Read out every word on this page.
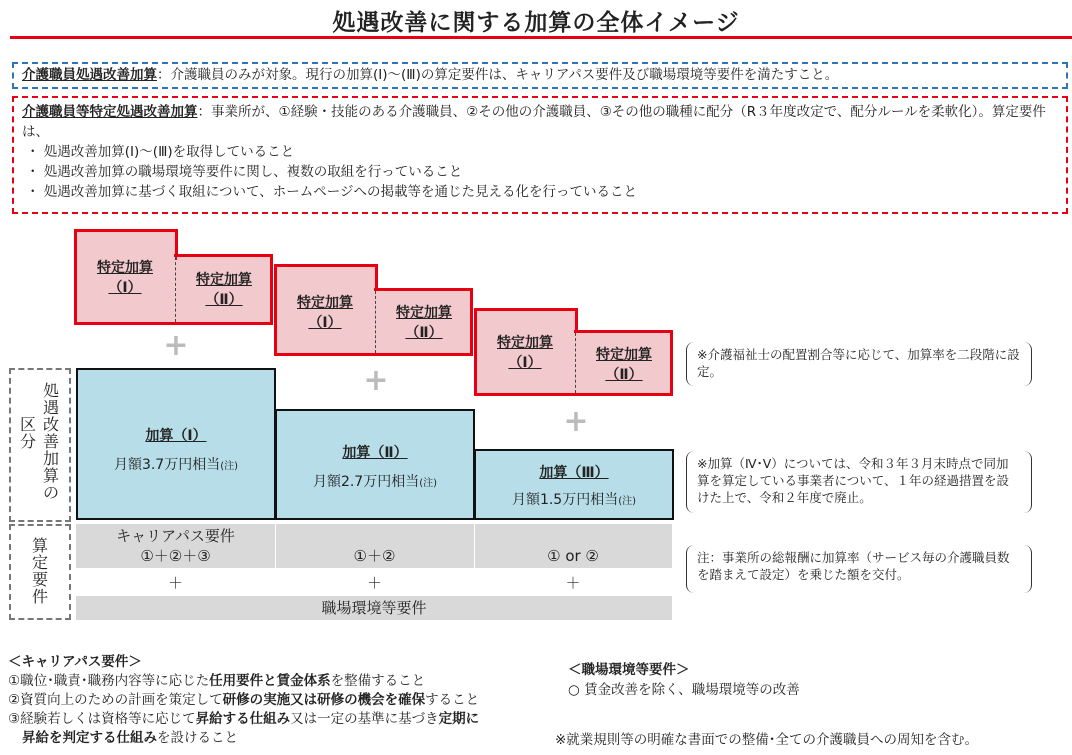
処遇改善に関する加算の全体イメージ
介護職員処遇改善加算：介護職員のみが対象。現行の加算(Ⅰ)～(Ⅲ)の算定要件は、キャリアパス要件及び職場環境等要件を満たすこと。
介護職員等特定処遇改善加算：事業所が、①経験・技能のある介護職員、②その他の介護職員、③その他の職種に配分（R３年度改定で、配分ルールを柔軟化）。算定要件は、
・ 処遇改善加算(Ⅰ)～(Ⅲ)を取得していること
・ 処遇改善加算の職場環境等要件に関し、複数の取組を行っていること
・ 処遇改善加算に基づく取組について、ホームページへの掲載等を通じた見える化を行っていること
特定加算
（Ⅰ）	特定加算
（Ⅱ）	特定加算
（Ⅰ）
特定加算
（Ⅱ）
特定加算
（Ⅰ）	特定加算
（Ⅱ）
+
+
+
加算（Ⅰ）
月額3.7万円相当(注)
加算（Ⅱ）
月額2.7万円相当(注)
加算（Ⅲ）
月額1.5万円相当(注)
処
遇
改
善
加
算
の
区
分
算
定
要
件
キャリアパス要件
①＋②＋③	①＋②	① or ②
＋	＋	＋
職場環境等要件
※介護福祉士の配置割合等に応じて、加算率を二段階に設定。
※加算（Ⅳ･Ⅴ）については、令和３年３月末時点で同加算を算定している事業者について、１年の経過措置を設けた上で、令和２年度で廃止。
注：事業所の総報酬に加算率（サービス毎の介護職員数を踏まえて設定）を乗じた額を交付。
＜キャリアパス要件＞
①職位･職責･職務内容等に応じた任用要件と賃金体系を整備すること
②資質向上のための計画を策定して研修の実施又は研修の機会を確保すること
③経験若しくは資格等に応じて昇給する仕組み又は一定の基準に基づき定期に
昇給を判定する仕組みを設けること
＜職場環境等要件＞
○ 賃金改善を除く、職場環境等の改善
※就業規則等の明確な書面での整備･全ての介護職員への周知を含む。
